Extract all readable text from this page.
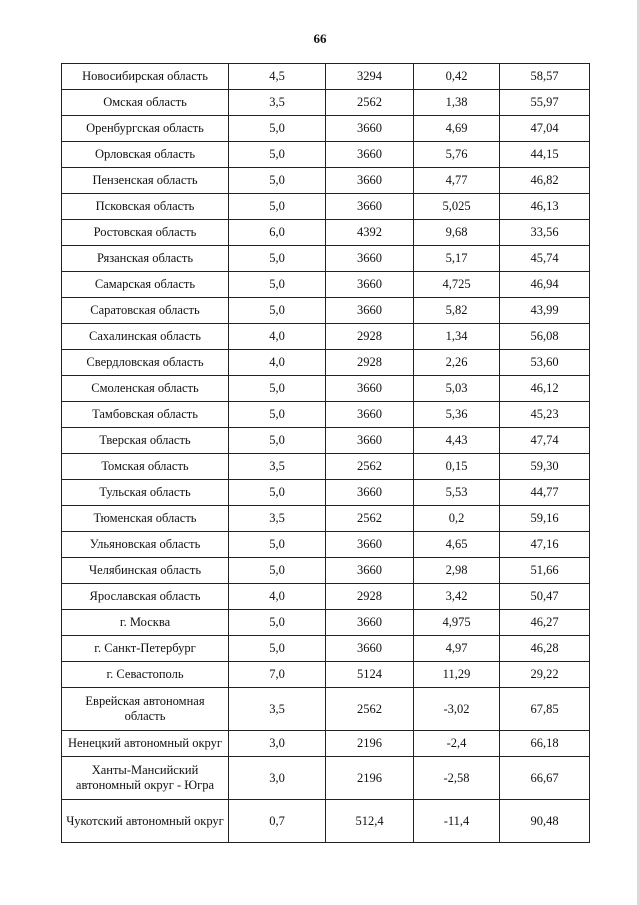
66
Новосибирская область	4,5	3294	0,42	58,57
Омская область	3,5	2562	1,38	55,97
Оренбургская область	5,0	3660	4,69	47,04
Орловская область	5,0	3660	5,76	44,15
Пензенская область	5,0	3660	4,77	46,82
Псковская область	5,0	3660	5,025	46,13
Ростовская область	6,0	4392	9,68	33,56
Рязанская область	5,0	3660	5,17	45,74
Самарская область	5,0	3660	4,725	46,94
Саратовская область	5,0	3660	5,82	43,99
Сахалинская область	4,0	2928	1,34	56,08
Свердловская область	4,0	2928	2,26	53,60
Смоленская область	5,0	3660	5,03	46,12
Тамбовская область	5,0	3660	5,36	45,23
Тверская область	5,0	3660	4,43	47,74
Томская область	3,5	2562	0,15	59,30
Тульская область	5,0	3660	5,53	44,77
Тюменская область	3,5	2562	0,2	59,16
Ульяновская область	5,0	3660	4,65	47,16
Челябинская область	5,0	3660	2,98	51,66
Ярославская область	4,0	2928	3,42	50,47
г. Москва	5,0	3660	4,975	46,27
г. Санкт-Петербург	5,0	3660	4,97	46,28
г. Севастополь	7,0	5124	11,29	29,22
Еврейская автономная область	3,5	2562	-3,02	67,85
Ненецкий автономный округ	3,0	2196	-2,4	66,18
Ханты-Мансийский автономный округ - Югра	3,0	2196	-2,58	66,67
Чукотский автономный округ	0,7	512,4	-11,4	90,48
